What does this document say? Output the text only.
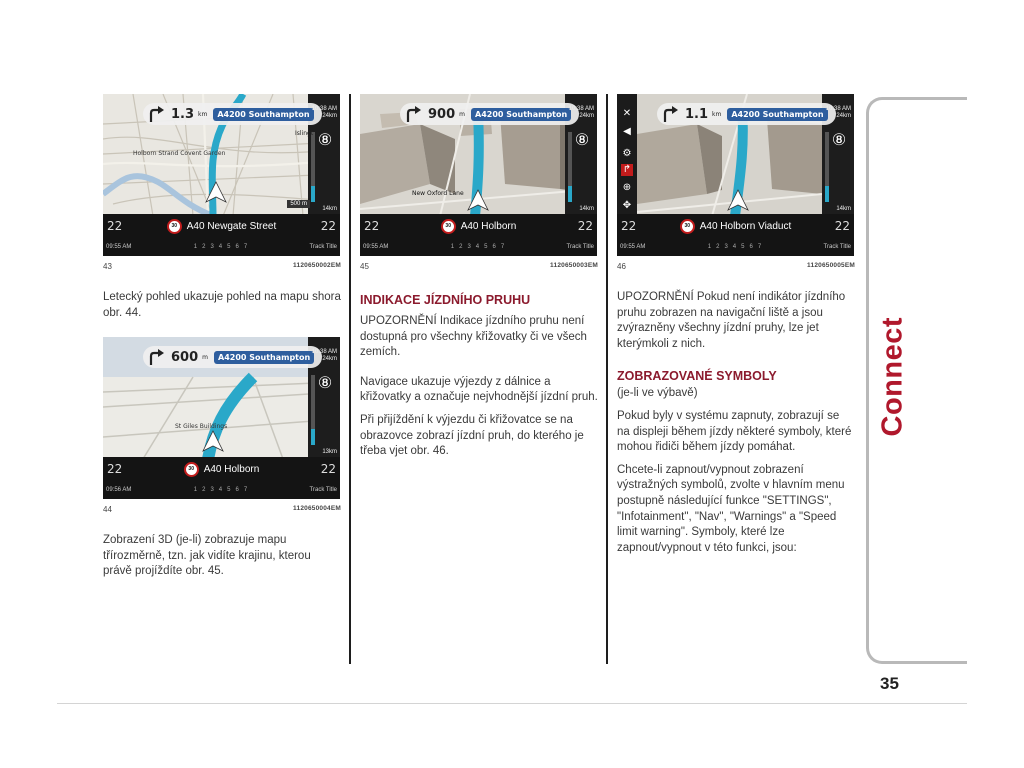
Islingt
Holborn Strand Covent Garden
500 m
1.3 km	A4200 Southampton
10:38 AM
24km
⑧
14km
22	30 A40 Newgate Street	22
09:55 AM	1 2 3 4 5 6 7	Track Title
43	1120650002EM

Letecký pohled ukazuje pohled na mapu shora obr. 44.

St Giles Buildings
600 m	A4200 Southampton
10:38 AM
24km
⑧
13km
22	30 A40 Holborn	22
09:56 AM	1 2 3 4 5 6 7	Track Title
44	1120650004EM

Zobrazení 3D (je-li) zobrazuje mapu třírozměrně, tzn. jak vidíte krajinu, kterou právě projíždíte obr. 45.

New Oxford Lane
900 m	A4200 Southampton
10:38 AM
24km
⑧
14km
22	30 A40 Holborn	22
09:55 AM	1 2 3 4 5 6 7	Track Title
45	1120650003EM
INDIKACE JÍZDNÍHO PRUHU

UPOZORNĚNÍ Indikace jízdního pruhu není dostupná pro všechny křižovatky či ve všech zemích.

Navigace ukazuje výjezdy z dálnice a křižovatky a označuje nejvhodnější jízdní pruh.

Při přijíždění k výjezdu či křižovatce se na obrazovce zobrazí jízdní pruh, do kterého je třeba vjet obr. 46.

✕
◀
⚙
↱
⊕
✥
1.1 km	A4200 Southampton
10:38 AM
24km
⑧
14km
22	30 A40 Holborn Viaduct	22
09:55 AM	1 2 3 4 5 6 7	Track Title
46	1120650005EM

UPOZORNĚNÍ Pokud není indikátor jízdního pruhu zobrazen na navigační liště a jsou zvýrazněny všechny jízdní pruhy, lze jet kterýmkoli z nich.

ZOBRAZOVANÉ SYMBOLY

(je-li ve výbavě)

Pokud byly v systému zapnuty, zobrazují se na displeji během jízdy některé symboly, které mohou řidiči během jízdy pomáhat.

Chcete-li zapnout/vypnout zobrazení výstražných symbolů, zvolte v hlavním menu postupně následující funkce "SETTINGS", "Infotainment", "Nav", "Warnings" a "Speed limit warning". Symboly, které lze zapnout/vypnout v této funkci, jsou:

Connect
35
